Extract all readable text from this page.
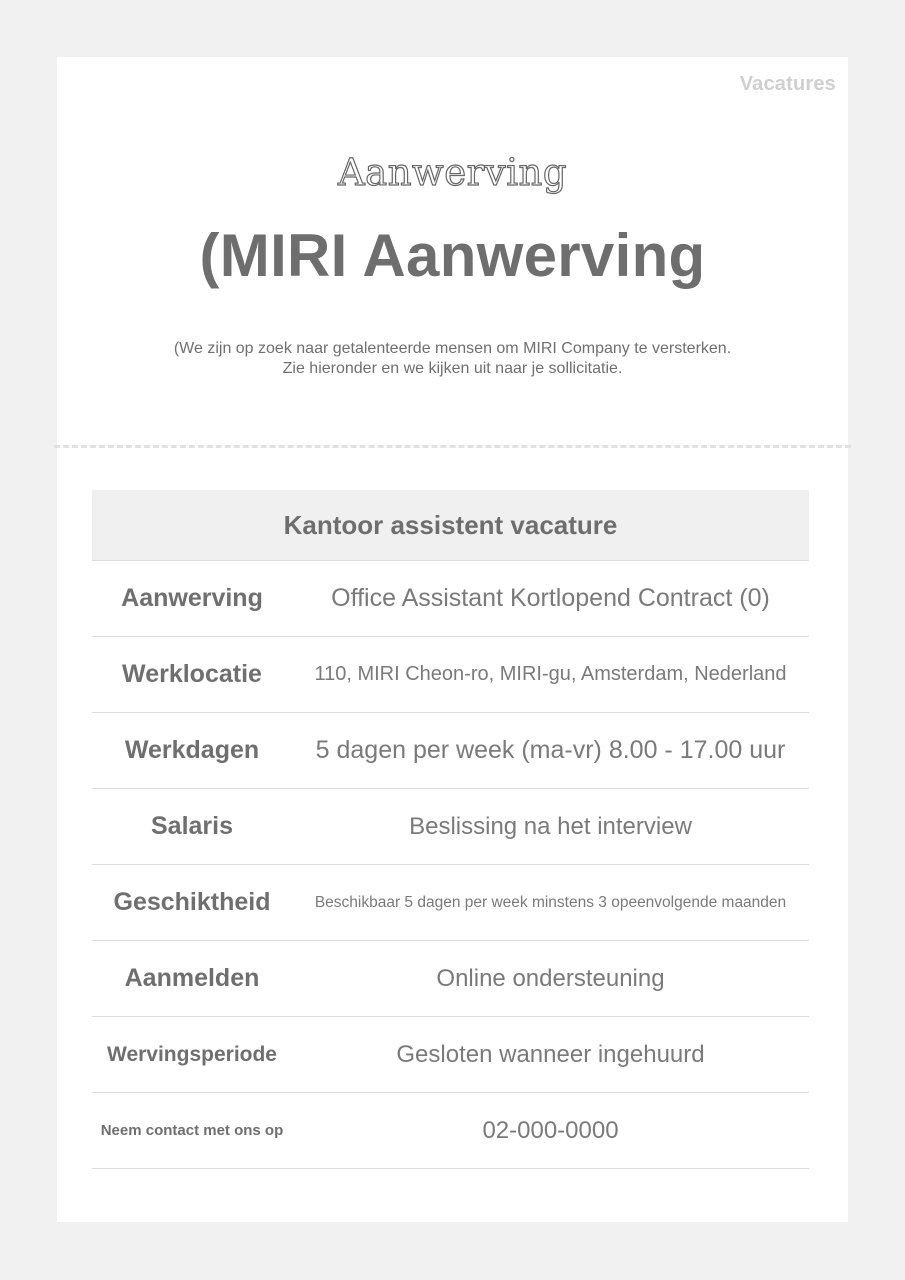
Vacatures
Aanwerving
(MIRI Aanwerving
(We zijn op zoek naar getalenteerde mensen om MIRI Company te versterken.
Zie hieronder en we kijken uit naar je sollicitatie.
Kantoor assistent vacature
Aanwerving	Office Assistant Kortlopend Contract (0)
Werklocatie	110, MIRI Cheon-ro, MIRI-gu, Amsterdam, Nederland
Werkdagen	5 dagen per week (ma-vr) 8.00 - 17.00 uur
Salaris	Beslissing na het interview
Geschiktheid	Beschikbaar 5 dagen per week minstens 3 opeenvolgende maanden
Aanmelden	Online ondersteuning
Wervingsperiode	Gesloten wanneer ingehuurd
Neem contact met ons op	02-000-0000
